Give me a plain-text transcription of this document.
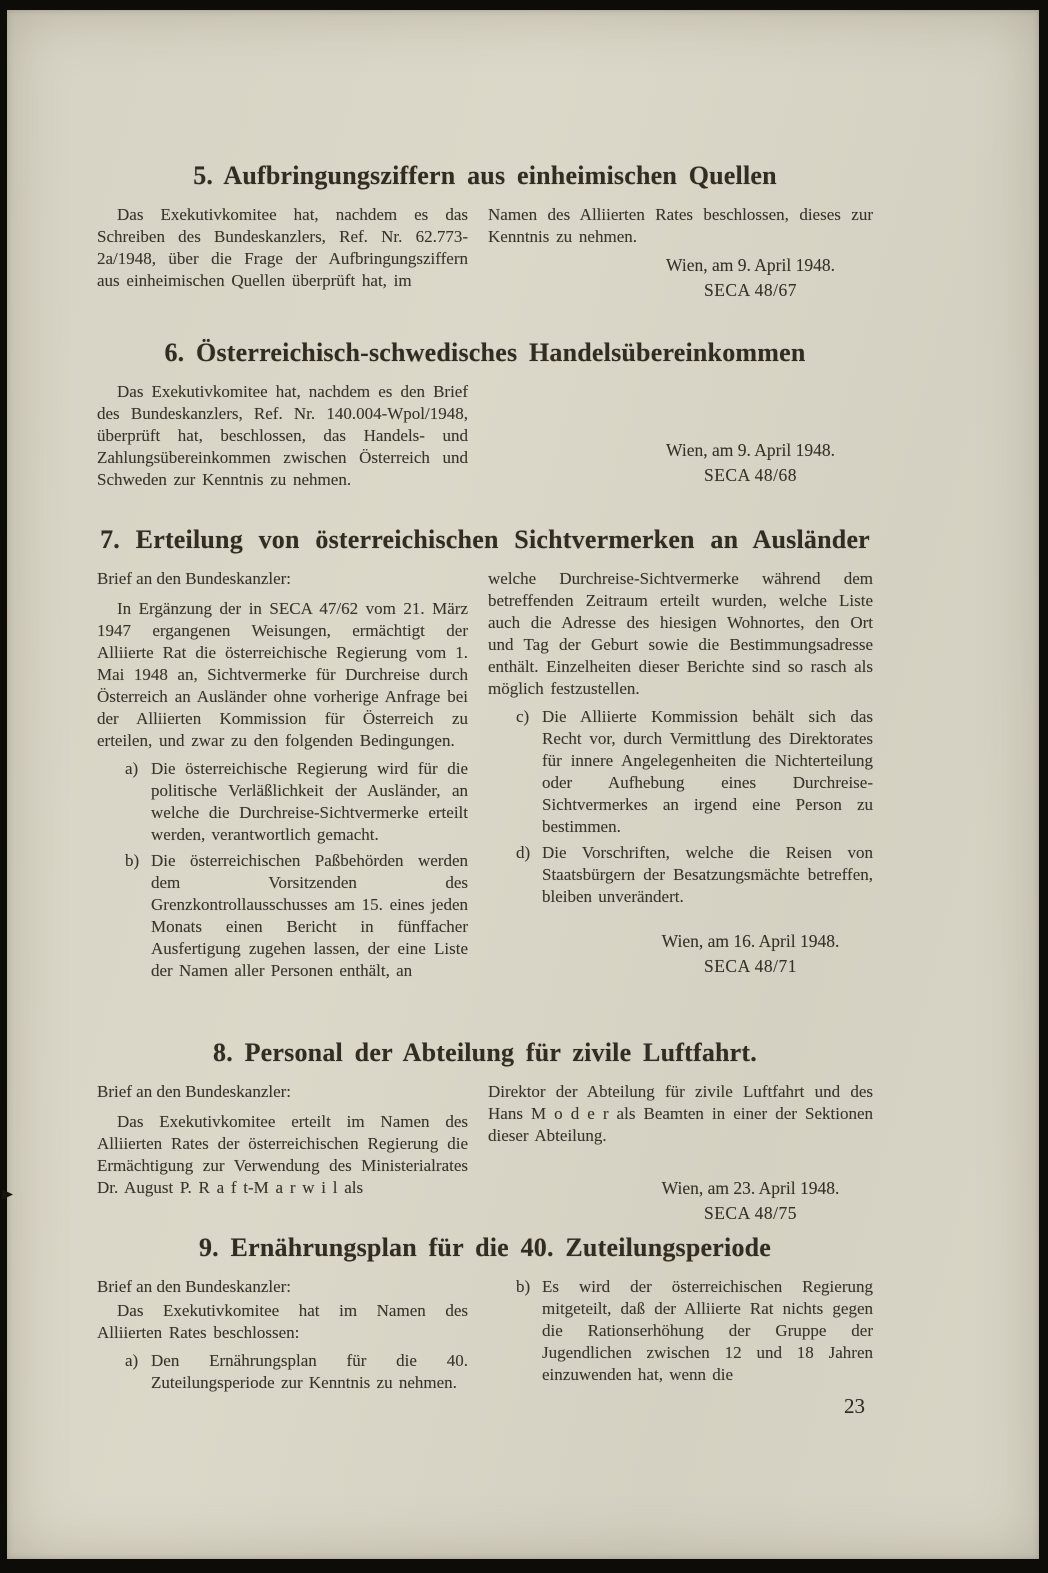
5. Aufbringungsziffern aus einheimischen Quellen

Das Exekutivkomitee hat, nachdem es das Schreiben des Bundeskanzlers, Ref. Nr. 62.773-2a/1948, über die Frage der Aufbringungsziffern aus einheimischen Quellen überprüft hat, im

Namen des Alliierten Rates beschlossen, dieses zur Kenntnis zu nehmen.

Wien, am 9. April 1948.
SECA 48/67
6. Österreichisch-schwedisches Handelsübereinkommen

Das Exekutivkomitee hat, nachdem es den Brief des Bundeskanzlers, Ref. Nr. 140.004-Wpol/1948, überprüft hat, beschlossen, das Handels- und Zahlungsübereinkommen zwischen Österreich und Schweden zur Kenntnis zu nehmen.

Wien, am 9. April 1948.
SECA 48/68
7. Erteilung von österreichischen Sichtvermerken an Ausländer

Brief an den Bundeskanzler:

In Ergänzung der in SECA 47/62 vom 21. März 1947 ergangenen Weisungen, ermächtigt der Alliierte Rat die österreichische Regierung vom 1. Mai 1948 an, Sichtvermerke für Durchreise durch Österreich an Ausländer ohne vorherige Anfrage bei der Alliierten Kommission für Österreich zu erteilen, und zwar zu den folgenden Bedingungen.

a) Die österreichische Regierung wird für die politische Verläßlichkeit der Ausländer, an welche die Durchreise-Sichtvermerke erteilt werden, verantwortlich gemacht.
b) Die österreichischen Paßbehörden werden dem Vorsitzenden des Grenzkontrollausschusses am 15. eines jeden Monats einen Bericht in fünffacher Ausfertigung zugehen lassen, der eine Liste der Namen aller Personen enthält, an

welche Durchreise-Sichtvermerke während dem betreffenden Zeitraum erteilt wurden, welche Liste auch die Adresse des hiesigen Wohnortes, den Ort und Tag der Geburt sowie die Bestimmungsadresse enthält. Einzelheiten dieser Berichte sind so rasch als möglich festzustellen.

c) Die Alliierte Kommission behält sich das Recht vor, durch Vermittlung des Direktorates für innere Angelegenheiten die Nichterteilung oder Aufhebung eines Durchreise-Sichtvermerkes an irgend eine Person zu bestimmen.
d) Die Vorschriften, welche die Reisen von Staatsbürgern der Besatzungsmächte betreffen, bleiben unverändert.
Wien, am 16. April 1948.
SECA 48/71
8. Personal der Abteilung für zivile Luftfahrt.

Brief an den Bundeskanzler:

Das Exekutivkomitee erteilt im Namen des Alliierten Rates der österreichischen Regierung die Ermächtigung zur Verwendung des Ministerialrates Dr. August P. R a f t-M a r w i l als

Direktor der Abteilung für zivile Luftfahrt und des Hans M o d e r als Beamten in einer der Sektionen dieser Abteilung.

Wien, am 23. April 1948.
SECA 48/75
9. Ernährungsplan für die 40. Zuteilungsperiode

Brief an den Bundeskanzler:

Das Exekutivkomitee hat im Namen des Alliierten Rates beschlossen:

a) Den Ernährungsplan für die 40. Zuteilungsperiode zur Kenntnis zu nehmen.
b) Es wird der österreichischen Regierung mitgeteilt, daß der Alliierte Rat nichts gegen die Rationserhöhung der Gruppe der Jugendlichen zwischen 12 und 18 Jahren einzuwenden hat, wenn die
23
